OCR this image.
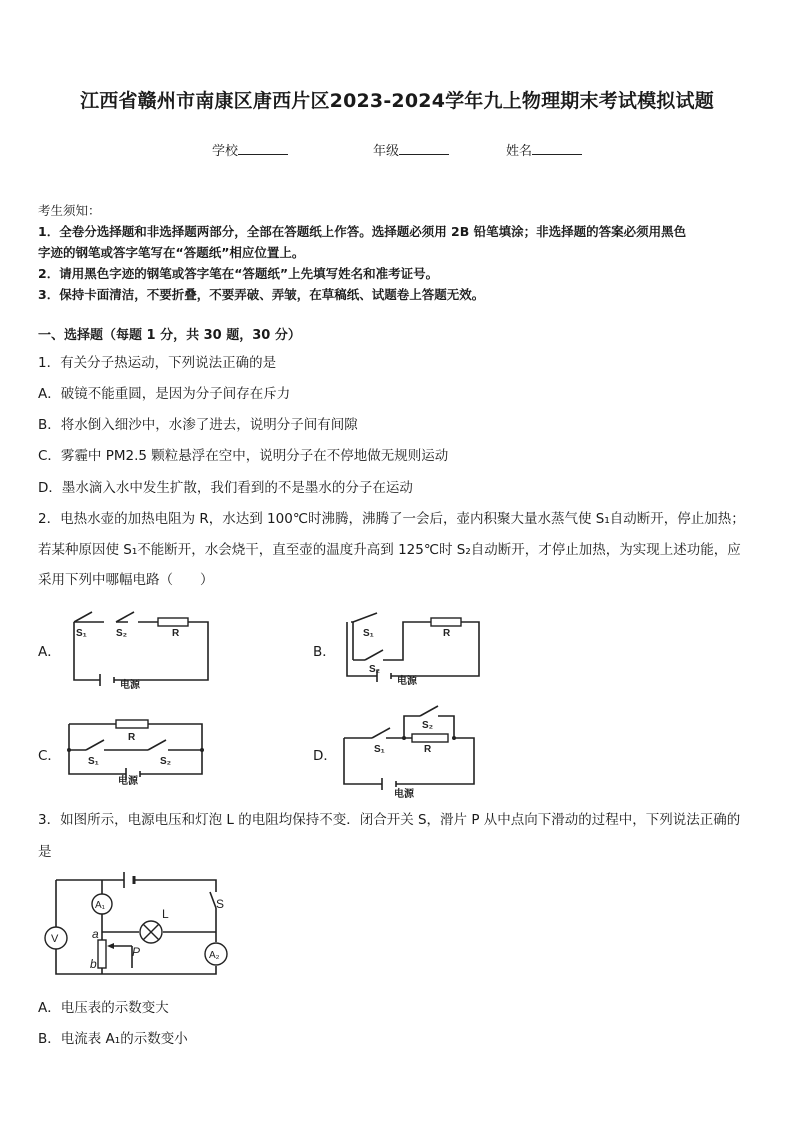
江西省赣州市南康区唐西片区2023-2024学年九上物理期末考试模拟试题
学校	年级	姓名
考生须知：
1．全卷分选择题和非选择题两部分，全部在答题纸上作答。选择题必须用 2B 铅笔填涂；非选择题的答案必须用黑色
字迹的钢笔或答字笔写在“答题纸”相应位置上。
2．请用黑色字迹的钢笔或答字笔在“答题纸”上先填写姓名和准考证号。
3．保持卡面清洁，不要折叠，不要弄破、弄皱，在草稿纸、试题卷上答题无效。
一、选择题（每题 1 分，共 30 题，30 分）
1．有关分子热运动，下列说法正确的是
A．破镜不能重圆，是因为分子间存在斥力
B．将水倒入细沙中，水渗了进去，说明分子间有间隙
C．雾霾中 PM2.5 颗粒悬浮在空中，说明分子在不停地做无规则运动
D．墨水滴入水中发生扩散，我们看到的不是墨水的分子在运动
2．电热水壶的加热电阻为 R，水达到 100℃时沸腾，沸腾了一会后，壶内积聚大量水蒸气使 S₁自动断开，停止加热；
若某种原因使 S₁不能断开，水会烧干，直至壶的温度升高到 125℃时 S₂自动断开，才停止加热，为实现上述功能，应
采用下列中哪幅电路（　　）
A．
S₁	S₂	R
电源
B．
S₁
S₂
R
电源
C．
R
S₁	S₂
电源
D．
S₂
S₁	R
电源
3．如图所示，电源电压和灯泡 L 的电阻均保持不变．闭合开关 S，滑片 P 从中点向下滑动的过程中，下列说法正确的
是
V
A₁
A₂
L
S
a
b
P
A．电压表的示数变大
B．电流表 A₁的示数变小
